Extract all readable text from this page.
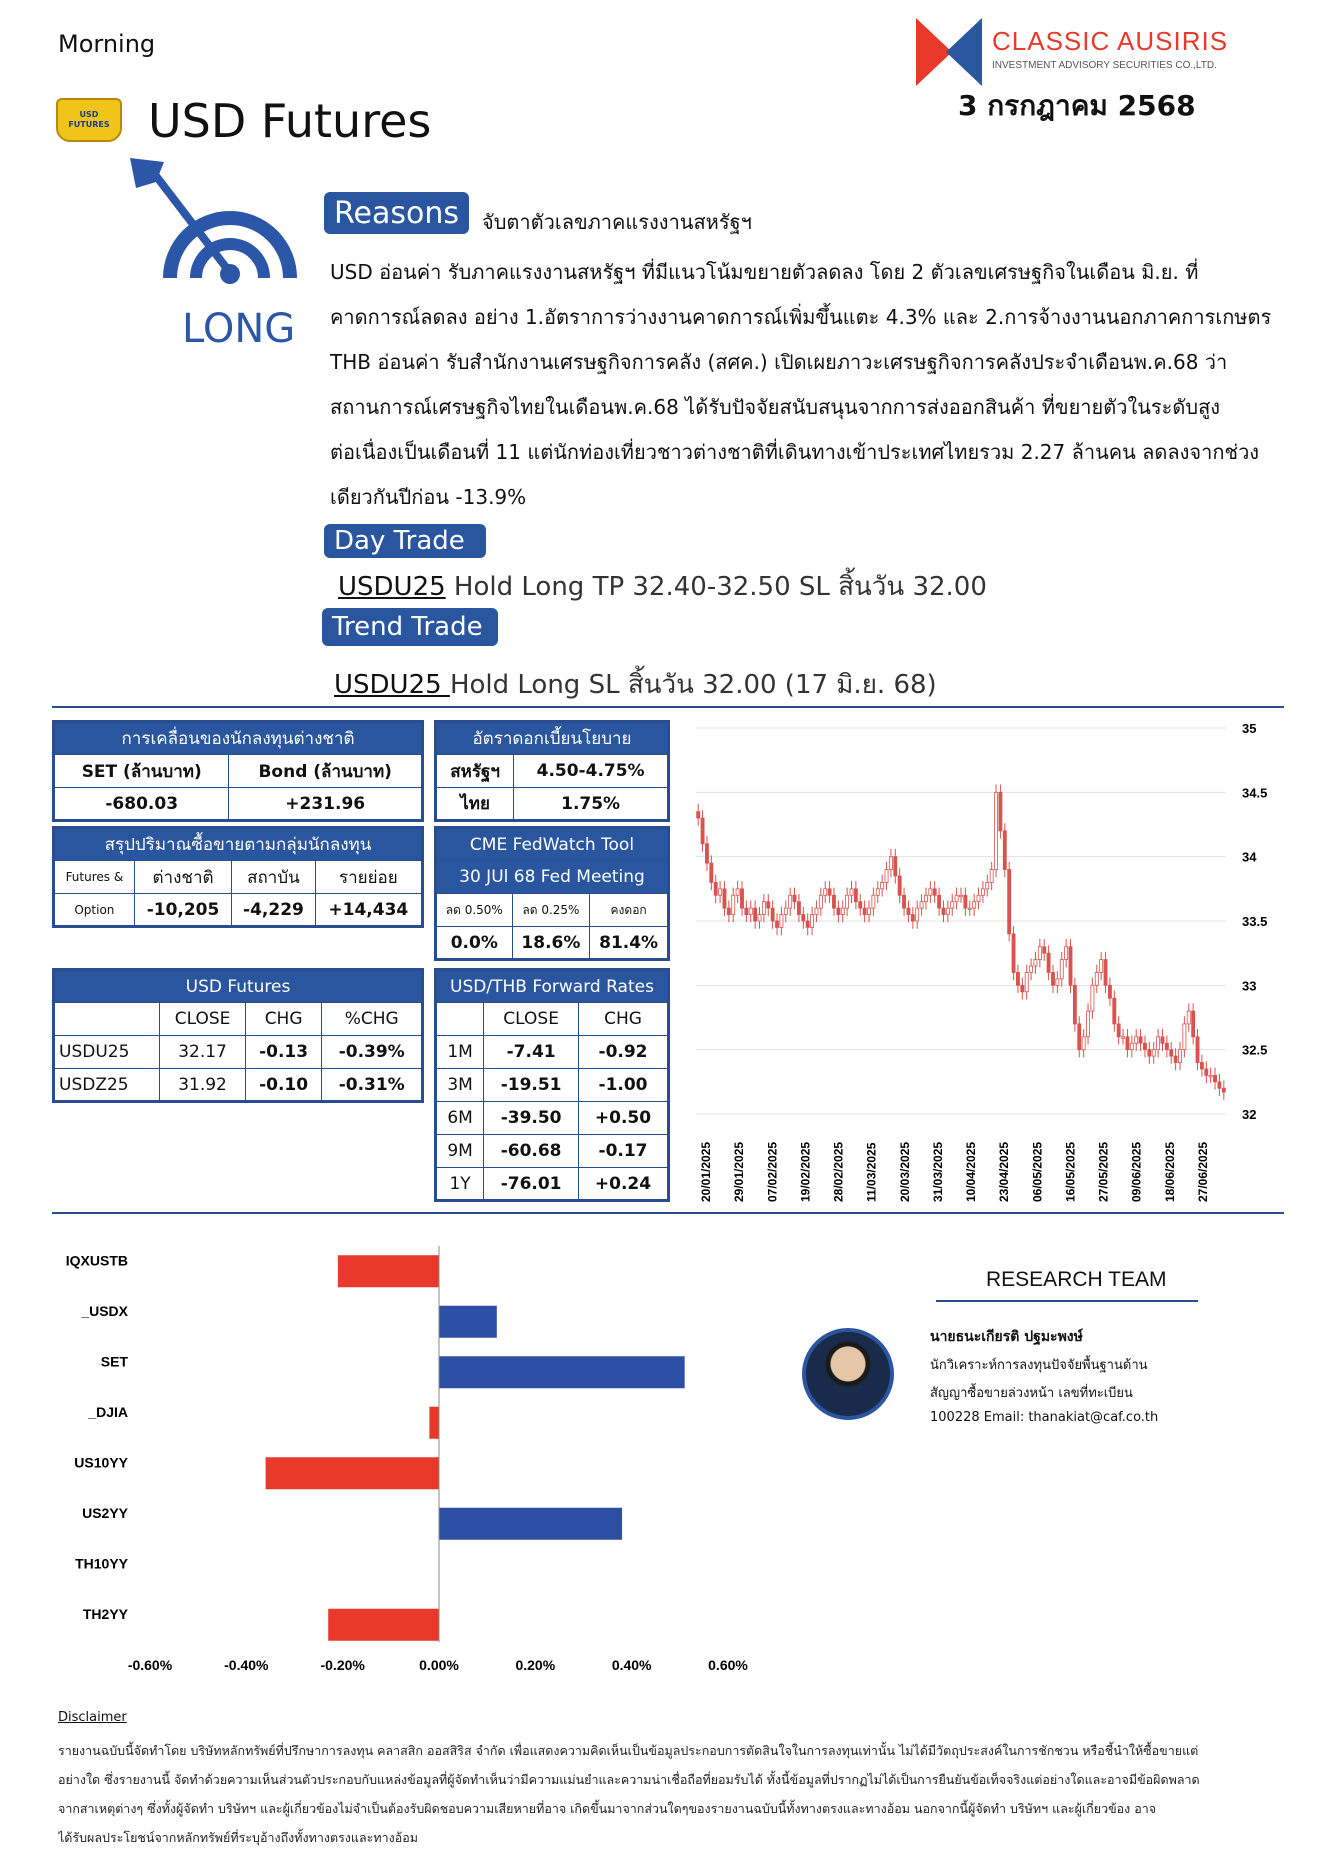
Morning
USD FUTURES USD Futures
CLASSIC AUSIRIS
INVESTMENT ADVISORY SECURITIES CO.,LTD.
3 กรกฎาคม 2568
LONG
Reasons	จับตาตัวเลขภาคแรงงานสหรัฐฯ
USD อ่อนค่า รับภาคแรงงานสหรัฐฯ ที่มีแนวโน้มขยายตัวลดลง โดย 2 ตัวเลขเศรษฐกิจในเดือน มิ.ย. ที่
คาดการณ์ลดลง อย่าง 1.อัตราการว่างงานคาดการณ์เพิ่มขึ้นแตะ 4.3% และ 2.การจ้างงานนอกภาคการเกษตร
THB อ่อนค่า รับสำนักงานเศรษฐกิจการคลัง (สศค.) เปิดเผยภาวะเศรษฐกิจการคลังประจำเดือนพ.ค.68 ว่า
สถานการณ์เศรษฐกิจไทยในเดือนพ.ค.68 ได้รับปัจจัยสนับสนุนจากการส่งออกสินค้า ที่ขยายตัวในระดับสูง
ต่อเนื่องเป็นเดือนที่ 11 แต่นักท่องเที่ยวชาวต่างชาติที่เดินทางเข้าประเทศไทยรวม 2.27 ล้านคน ลดลงจากช่วง
เดียวกันปีก่อน -13.9%
Day Trade
USDU25 Hold Long TP 32.40-32.50 SL สิ้นวัน 32.00
Trend Trade
USDU25 Hold Long SL สิ้นวัน 32.00 (17 มิ.ย. 68)
การเคลื่อนของนักลงทุนต่างชาติ	
SET (ล้านบาท)	Bond (ล้านบาท)
-680.03	+231.96
อัตราดอกเบี้ยนโยบาย	
สหรัฐฯ	4.50-4.75%
ไทย	1.75%
สรุปปริมาณซื้อขายตามกลุ่มนักลงทุน			
Futures &	ต่างชาติ	สถาบัน	รายย่อย
Option	-10,205	-4,229	+14,434
CME FedWatch Tool		
30 JUl 68 Fed Meeting		
ลด 0.50%	ลด 0.25%	คงดอก
0.0%	18.6%	81.4%
USD Futures			
	CLOSE	CHG	%CHG
USDU25	32.17	-0.13	-0.39%
USDZ25	31.92	-0.10	-0.31%
USD/THB Forward Rates		
	CLOSE	CHG
1M	-7.41	-0.92
3M	-19.51	-1.00
6M	-39.50	+0.50
9M	-60.68	-0.17
1Y	-76.01	+0.24
35
34.5
34
33.5
33
32.5
32
20/01/2025 29/01/2025 07/02/2025 19/02/2025 28/02/2025 11/03/2025 20/03/2025 31/03/2025 10/04/2025 23/04/2025 06/05/2025 16/05/2025 27/05/2025 09/06/2025 18/06/2025 27/06/2025
IQXUSTB
_USDX
SET
_DJIA
US10YY
US2YY
TH10YY
TH2YY
-0.60%	-0.40%	-0.20%	0.00%	0.20%	0.40%	0.60%
RESEARCH TEAM
นายธนะเกียรติ ปฐมะพงษ์
นักวิเคราะห์การลงทุนปัจจัยพื้นฐานด้าน
สัญญาซื้อขายล่วงหน้า เลขที่ทะเบียน
100228 Email: thanakiat@caf.co.th
Disclaimer
รายงานฉบับนี้จัดทำโดย บริษัทหลักทรัพย์ที่ปรึกษาการลงทุน คลาสสิก ออสสิริส จำกัด เพื่อแสดงความคิดเห็นเป็นข้อมูลประกอบการตัดสินใจในการลงทุนเท่านั้น ไม่ได้มีวัตถุประสงค์ในการชักชวน หรือชี้นำให้ซื้อขายแต่
อย่างใด ซึ่งรายงานนี้ จัดทำด้วยความเห็นส่วนตัวประกอบกับแหล่งข้อมูลที่ผู้จัดทำเห็นว่ามีความแม่นยำและความน่าเชื่อถือที่ยอมรับได้ ทั้งนี้ข้อมูลที่ปรากฏไม่ได้เป็นการยืนยันข้อเท็จจริงแต่อย่างใดและอาจมีข้อผิดพลาด
จากสาเหตุต่างๆ ซึ่งทั้งผู้จัดทำ บริษัทฯ และผู้เกี่ยวข้องไม่จำเป็นต้องรับผิดชอบความเสียหายที่อาจ เกิดขึ้นมาจากส่วนใดๆของรายงานฉบับนี้ทั้งทางตรงและทางอ้อม นอกจากนี้ผู้จัดทำ บริษัทฯ และผู้เกี่ยวข้อง อาจ
ได้รับผลประโยชน์จากหลักทรัพย์ที่ระบุอ้างถึงทั้งทางตรงและทางอ้อม
